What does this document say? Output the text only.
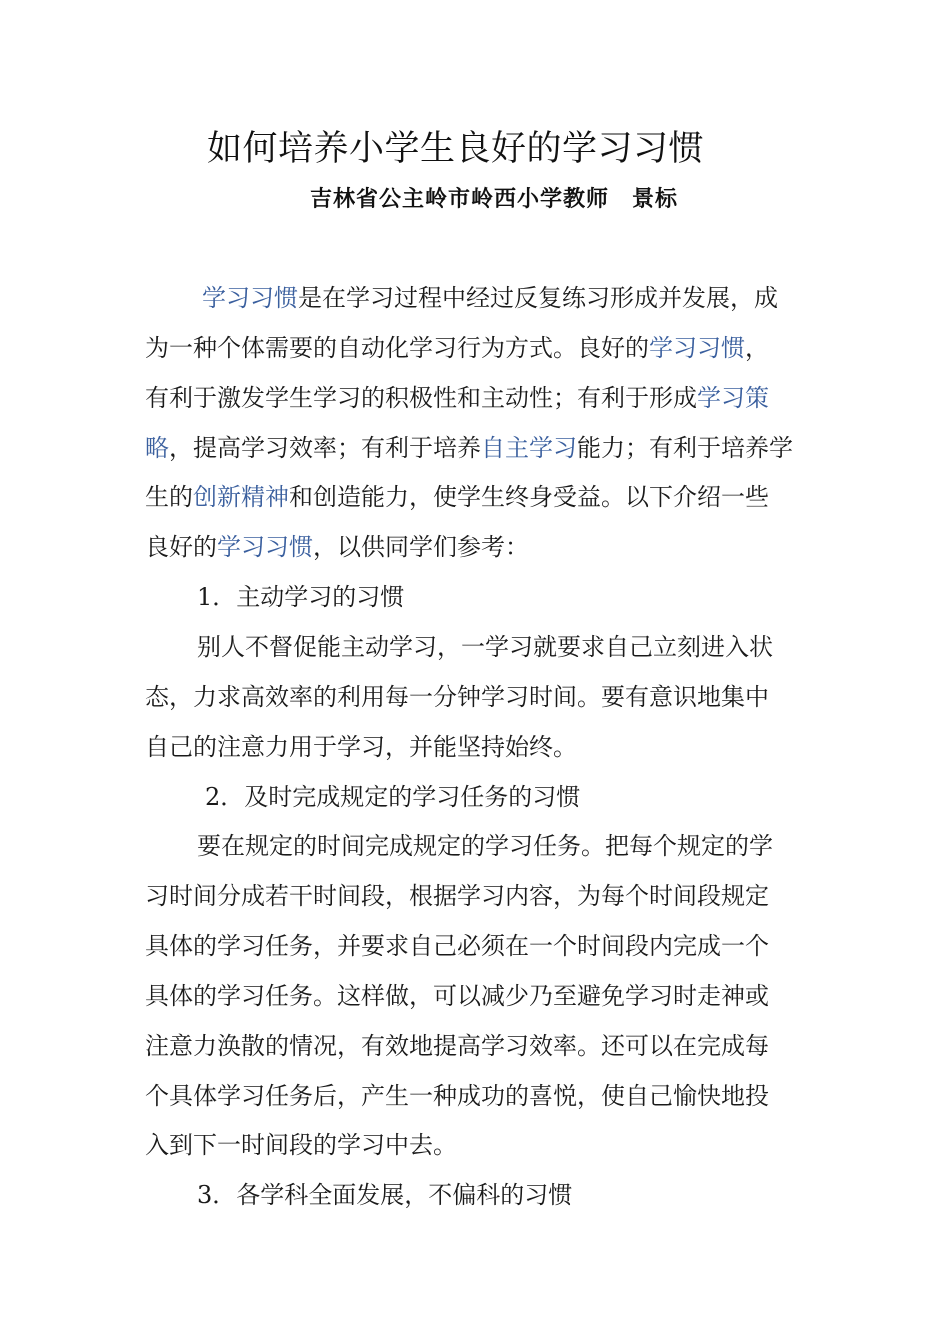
如何培养小学生良好的学习习惯
吉林省公主岭市岭西小学教师　景标
学习习惯是在学习过程中经过反复练习形成并发展，成
为一种个体需要的自动化学习行为方式。良好的学习习惯，
有利于激发学生学习的积极性和主动性；有利于形成学习策
略，提高学习效率；有利于培养自主学习能力；有利于培养学
生的创新精神和创造能力，使学生终身受益。以下介绍一些
良好的学习习惯，以供同学们参考：
1．主动学习的习惯
别人不督促能主动学习，一学习就要求自己立刻进入状
态，力求高效率的利用每一分钟学习时间。要有意识地集中
自己的注意力用于学习，并能坚持始终。
2．及时完成规定的学习任务的习惯
要在规定的时间完成规定的学习任务。把每个规定的学
习时间分成若干时间段，根据学习内容，为每个时间段规定
具体的学习任务，并要求自己必须在一个时间段内完成一个
具体的学习任务。这样做，可以减少乃至避免学习时走神或
注意力涣散的情况，有效地提高学习效率。还可以在完成每
个具体学习任务后，产生一种成功的喜悦，使自己愉快地投
入到下一时间段的学习中去。
3．各学科全面发展，不偏科的习惯
